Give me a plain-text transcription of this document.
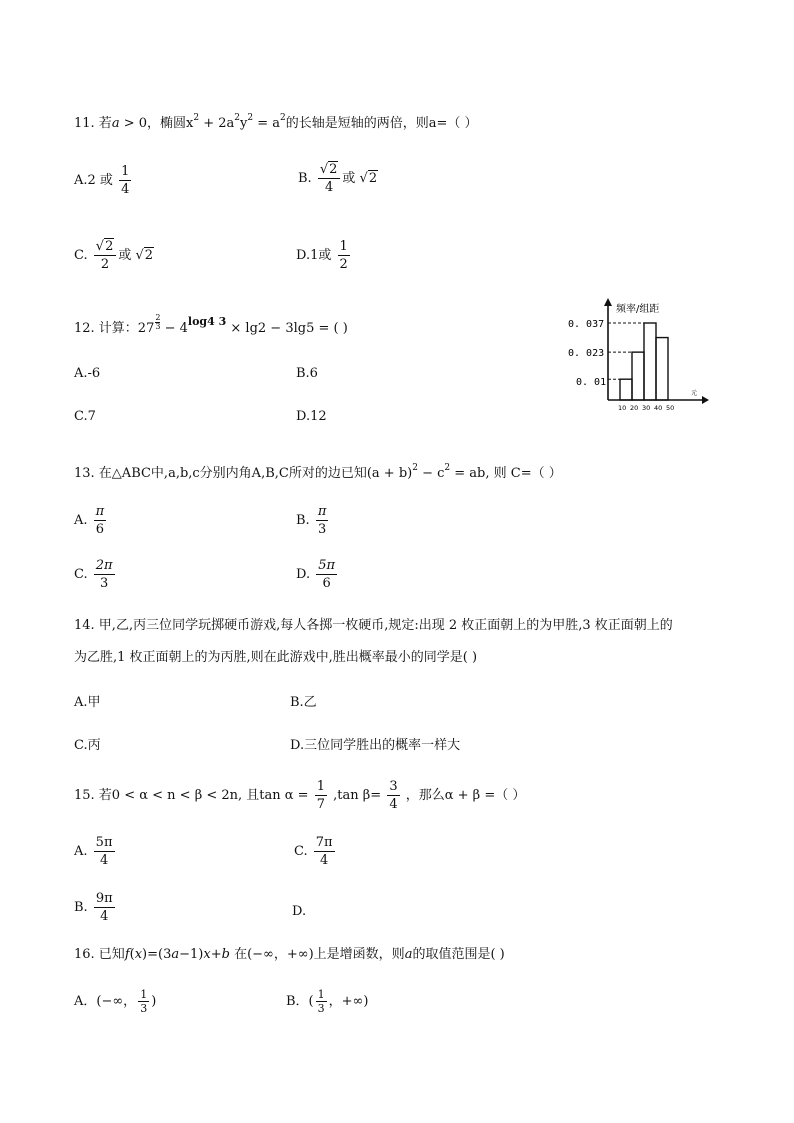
11. 若a > 0，椭圆$x^2 + 2a^2y^2 = a^2$的长轴是短轴的两倍，则a=（ ）
A.2 或 $\frac{1}{4}$	B. $\frac{√2}{4}$ 或 √2
C. $\frac{√2}{2}$ 或 √2	D.1或 $\frac{1}{2}$
12. 计算：$27 \frac{2}{3} - 4^{log4 3} \times \lg 2 - 3\lg 5$ = ( )
A.-6	B.6
C.7	D.12
频率/组距
元
0. 037
0. 023
0. 01
10 20 30 40 50
13. 在△ABC中,a,b,c分别内角A,B,C所对的边已知$(a + b)^2 - c^2$ = ab, 则 C=（ ）
A. $\frac{\pi}{6}$	B. $\frac{\pi}{3}$
C. $\frac{2\pi}{3}$	D. $\frac{5\pi}{6}$
14. 甲,乙,丙三位同学玩掷硬币游戏,每人各掷一枚硬币,规定:出现 2 枚正面朝上的为甲胜,3 枚正面朝上的
为乙胜,1 枚正面朝上的为丙胜,则在此游戏中,胜出概率最小的同学是( )
A.甲	B.乙
C.丙	D.三位同学胜出的概率一样大
15. 若0 < α < n < β < 2n, 且$\tan \alpha = \frac{1}{7} ,\tan$ $\beta= \frac{3}{4}$ ，那么α + β =（ ）
A. $\frac{5\pi}{4}$	C. $\frac{7\pi}{4}$
B. $\frac{9\pi}{4}$	D.
16. 已知f(x)=(3a−1)x+b 在(−∞，+∞)上是增函数，则a的取值范围是( )
A．(−∞， $\frac{1}{3}$ )	B．( $\frac{1}{3}$ ，+∞)
